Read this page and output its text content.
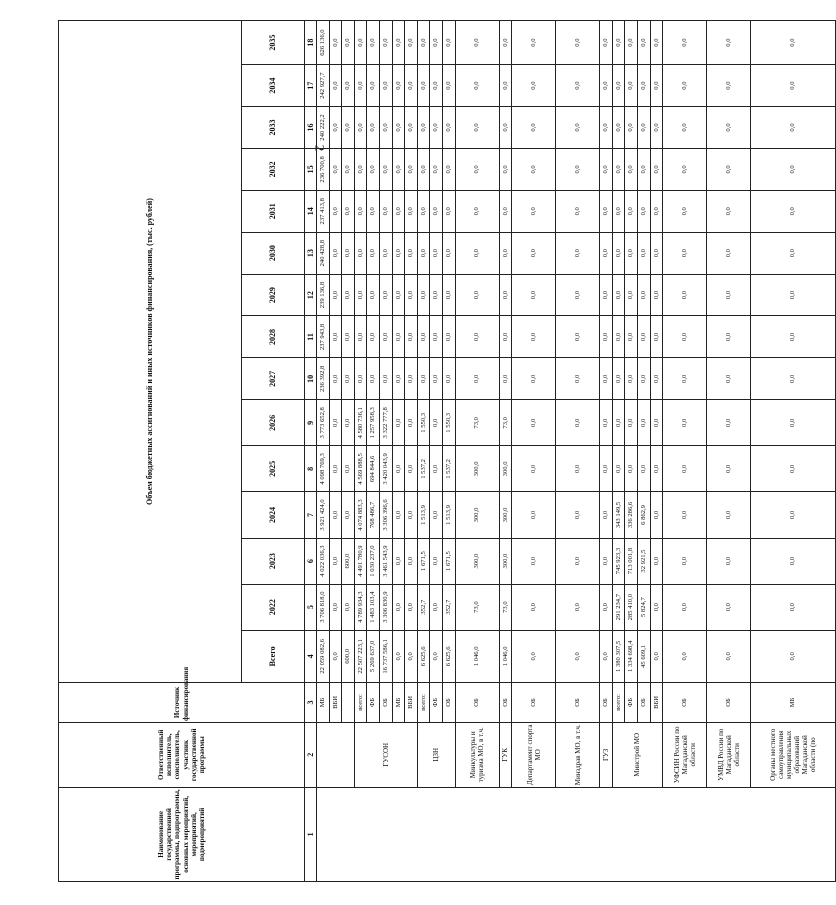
2
Наименование государственной программы, подпрограммы, основных мероприятий, мероприятий, подмероприятий	Ответственный исполнитель, соисполнитель, участник государственной программы	Источник финансирования	Объем бюджетных ассигнований и иных источников финансирования, (тыс. рублей)														
			Всего	2022	2023	2024	2025	2026	2027	2028	2029	2030	2031	2032	2033	2034	2035
1	2	3	4	5	6	7	8	9	10	11	12	13	14	15	16	17	18
		МБ	22 059 082,6	3 706 818,0	4 022 036,3	3 921 424,0	4 098 769,3	3 773 652,8	236 392,8	237 943,8	239 136,8	240 428,8	237 413,8	236 700,8	240 222,2	242 927,7	626 136,0
		ВБИ	0,0	0,0	0,0	0,0	0,0	0,0	0,0	0,0	0,0	0,0	0,0	0,0	0,0	0,0	0,0
			600,0	0,0	600,0	0,0	0,0	0,0	0,0	0,0	0,0	0,0	0,0	0,0	0,0	0,0	0,0
	ГУСОН	всего:	22 507 223,1	4 789 934,3	4 491 780,9	4 074 883,3	4 569 888,5	4 580 736,1	0,0	0,0	0,0	0,0	0,0	0,0	0,0	0,0	0,0
		ФБ	5 269 637,0	1 483 103,4	1 030 237,0	768 486,7	694 844,6	1 257 958,3	0,0	0,0	0,0	0,0	0,0	0,0	0,0	0,0	0,0
		ОБ	16 737 586,1	3 306 830,9	3 461 543,9	3 306 396,6	3 420 043,9	3 322 777,8	0,0	0,0	0,0	0,0	0,0	0,0	0,0	0,0	0,0
		МБ	0,0	0,0	0,0	0,0	0,0	0,0	0,0	0,0	0,0	0,0	0,0	0,0	0,0	0,0	0,0
		ВБИ	0,0	0,0	0,0	0,0	0,0	0,0	0,0	0,0	0,0	0,0	0,0	0,0	0,0	0,0	0,0
	ЦЗН	всего:	6 625,6	352,7	1 671,5	1 513,9	1 537,2	1 550,3	0,0	0,0	0,0	0,0	0,0	0,0	0,0	0,0	0,0
		ФБ	0,0	0,0	0,0	0,0	0,0	0,0	0,0	0,0	0,0	0,0	0,0	0,0	0,0	0,0	0,0
		ОБ	6 625,6	352,7	1 671,5	1 513,9	1 537,2	1 550,3	0,0	0,0	0,0	0,0	0,0	0,0	0,0	0,0	0,0
	Минкультуры и туризма МО, в т.ч.	ОБ	1 046,0	73,0	300,0	300,0	300,0	73,0	0,0	0,0	0,0	0,0	0,0	0,0	0,0	0,0	0,0
	ГУК	ОБ	1 046,0	73,0	300,0	300,0	300,0	73,0	0,0	0,0	0,0	0,0	0,0	0,0	0,0	0,0	0,0
	Департамент спорта МО	ОБ	0,0	0,0	0,0	0,0	0,0	0,0	0,0	0,0	0,0	0,0	0,0	0,0	0,0	0,0	0,0
	Минздрав МО, в т.ч.	ОБ	0,0	0,0	0,0	0,0	0,0	0,0	0,0	0,0	0,0	0,0	0,0	0,0	0,0	0,0	0,0
	ГУЗ	ОБ	0,0	0,0	0,0	0,0	0,0	0,0	0,0	0,0	0,0	0,0	0,0	0,0	0,0	0,0	0,0
	Минстрой МО	всего:	1 380 307,5	291 234,7	745 923,3	343 149,5	0,0	0,0	0,0	0,0	0,0	0,0	0,0	0,0	0,0	0,0	0,0
		ФБ	1 334 698,4	285 410,0	713 001,8	336 286,6	0,0	0,0	0,0	0,0	0,0	0,0	0,0	0,0	0,0	0,0	0,0
		ОБ	45 609,1	5 824,7	32 921,5	6 862,9	0,0	0,0	0,0	0,0	0,0	0,0	0,0	0,0	0,0	0,0	0,0
		ВБИ	0,0	0,0	0,0	0,0	0,0	0,0	0,0	0,0	0,0	0,0	0,0	0,0	0,0	0,0	0,0
	УФСИН России по Магаданской области	ОБ	0,0	0,0	0,0	0,0	0,0	0,0	0,0	0,0	0,0	0,0	0,0	0,0	0,0	0,0	0,0
	УМВД России по Магаданской области	ОБ	0,0	0,0	0,0	0,0	0,0	0,0	0,0	0,0	0,0	0,0	0,0	0,0	0,0	0,0	0,0
	Органы местного самоуправления муниципальных образований Магаданской области (по	МБ	0,0	0,0	0,0	0,0	0,0	0,0	0,0	0,0	0,0	0,0	0,0	0,0	0,0	0,0	0,0
